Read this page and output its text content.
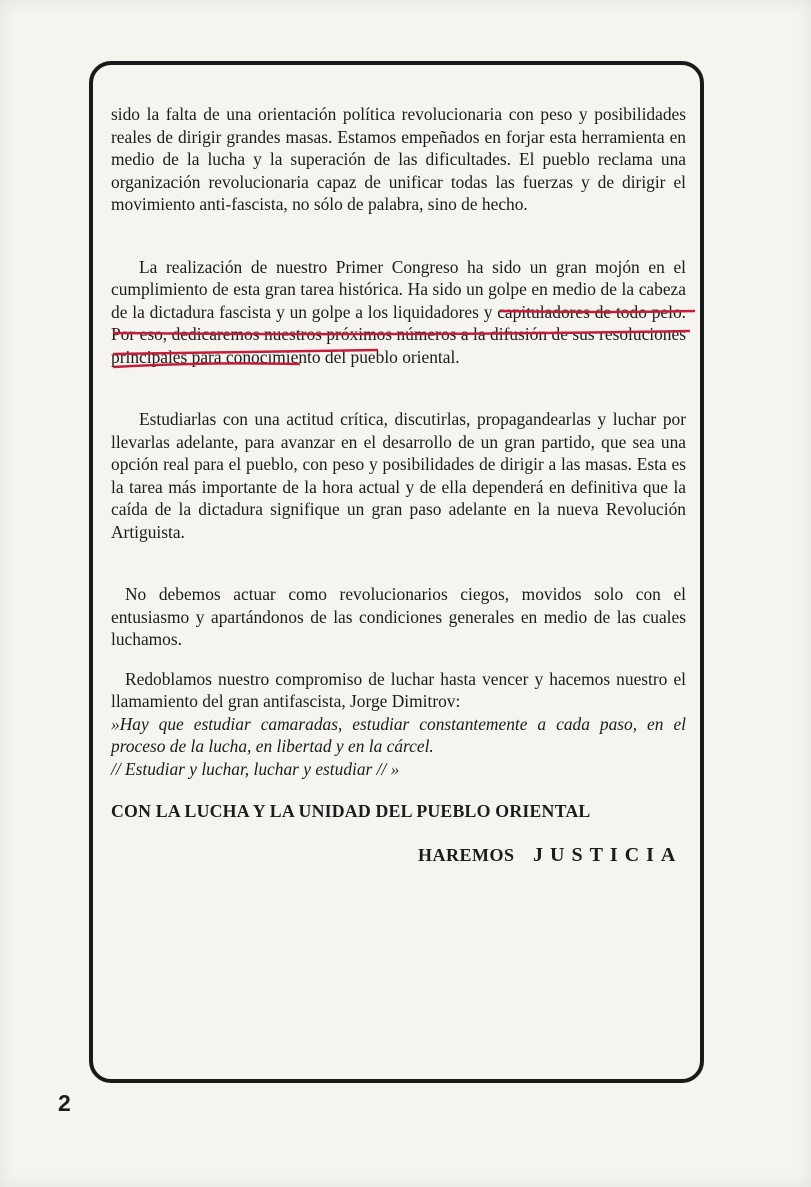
sido la falta de una orientación política revolucionaria con peso y posibilidades reales de dirigir grandes masas. Estamos empeñados en forjar esta herramienta en medio de la lucha y la superación de las dificultades. El pueblo reclama una organización revolucionaria capaz de unificar todas las fuerzas y de dirigir el movimiento anti-fascista, no sólo de palabra, sino de hecho.

La realización de nuestro Primer Congreso ha sido un gran mojón en el cumplimiento de esta gran tarea histórica. Ha sido un golpe en medio de la cabeza de la dictadura fascista y un golpe a los liquidadores y capituladores de todo pelo. Por eso, dedicaremos nuestros próximos números a la difusión de sus resoluciones principales para conocimiento del pueblo oriental.

Estudiarlas con una actitud crítica, discutirlas, propagandearlas y luchar por llevarlas adelante, para avanzar en el desarrollo de un gran partido, que sea una opción real para el pueblo, con peso y posibilidades de dirigir a las masas. Esta es la tarea más importante de la hora actual y de ella dependerá en definitiva que la caída de la dictadura signifique un gran paso adelante en la nueva Revolución Artiguista.

No debemos actuar como revolucionarios ciegos, movidos solo con el entusiasmo y apartándonos de las condiciones generales en medio de las cuales luchamos.

Redoblamos nuestro compromiso de luchar hasta vencer y hacemos nuestro el llamamiento del gran antifascista, Jorge Dimitrov:

»Hay que estudiar camaradas, estudiar constantemente a cada paso, en el proceso de la lucha, en libertad y en la cárcel.

// Estudiar y luchar, luchar y estudiar // »

CON LA LUCHA Y LA UNIDAD DEL PUEBLO ORIENTAL

HAREMOS JUSTICIA
2
